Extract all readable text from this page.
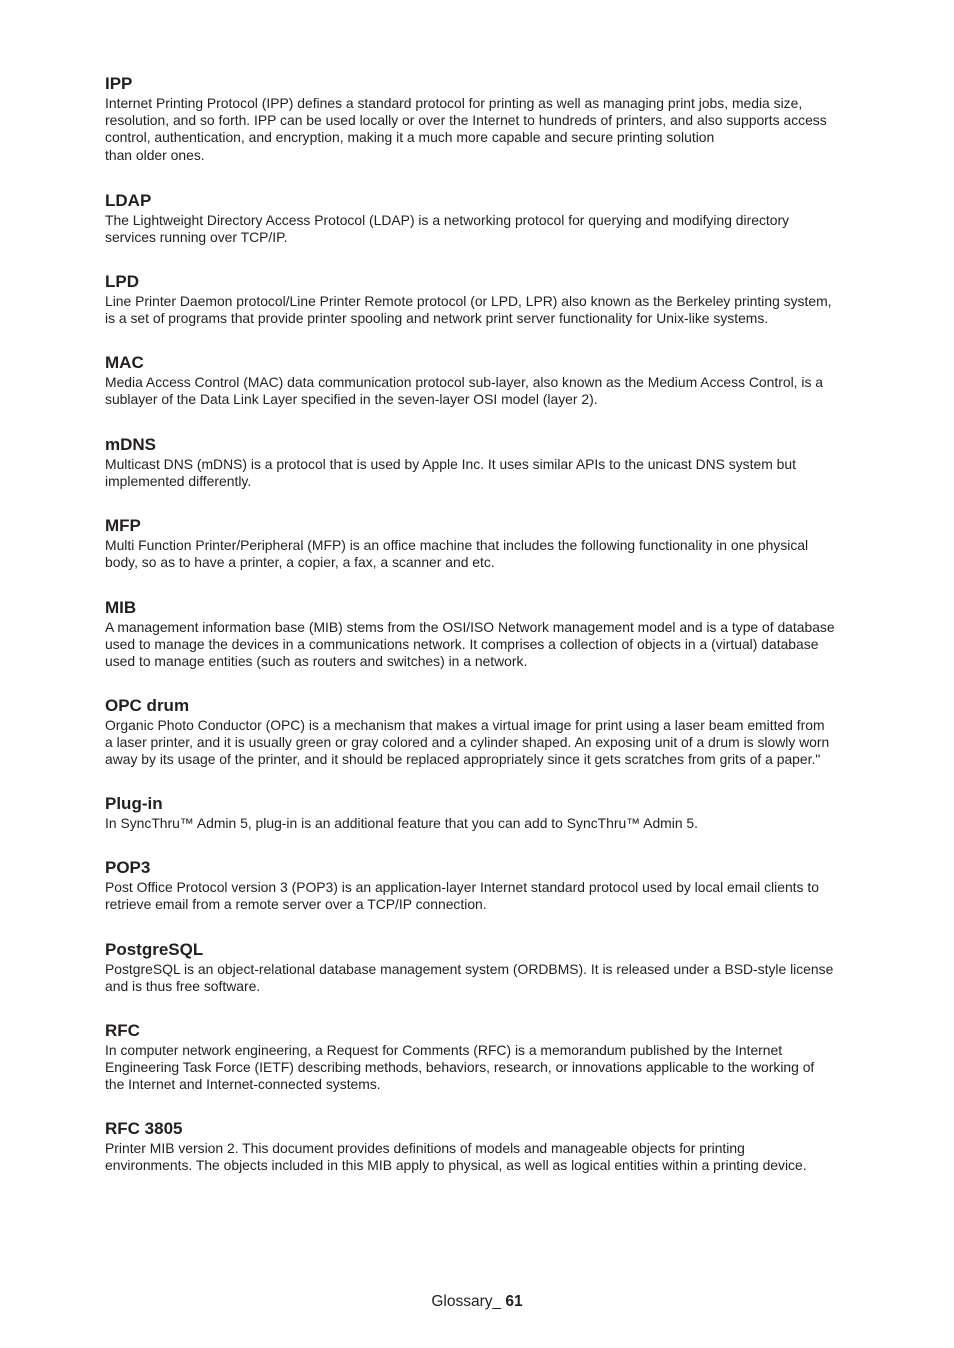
IPP

Internet Printing Protocol (IPP) defines a standard protocol for printing as well as managing print jobs, media size,
resolution, and so forth. IPP can be used locally or over the Internet to hundreds of printers, and also supports access
control, authentication, and encryption, making it a much more capable and secure printing solution
than older ones.

LDAP

The Lightweight Directory Access Protocol (LDAP) is a networking protocol for querying and modifying directory
services running over TCP/IP.

LPD

Line Printer Daemon protocol/Line Printer Remote protocol (or LPD, LPR) also known as the Berkeley printing system,
is a set of programs that provide printer spooling and network print server functionality for Unix-like systems.

MAC

Media Access Control (MAC) data communication protocol sub-layer, also known as the Medium Access Control, is a
sublayer of the Data Link Layer specified in the seven-layer OSI model (layer 2).

mDNS

Multicast DNS (mDNS) is a protocol that is used by Apple Inc. It uses similar APIs to the unicast DNS system but
implemented differently.

MFP

Multi Function Printer/Peripheral (MFP) is an office machine that includes the following functionality in one physical
body, so as to have a printer, a copier, a fax, a scanner and etc.

MIB

A management information base (MIB) stems from the OSI/ISO Network management model and is a type of database
used to manage the devices in a communications network. It comprises a collection of objects in a (virtual) database
used to manage entities (such as routers and switches) in a network.

OPC drum

Organic Photo Conductor (OPC) is a mechanism that makes a virtual image for print using a laser beam emitted from
a laser printer, and it is usually green or gray colored and a cylinder shaped. An exposing unit of a drum is slowly worn
away by its usage of the printer, and it should be replaced appropriately since it gets scratches from grits of a paper."

Plug-in

In SyncThru™ Admin 5, plug-in is an additional feature that you can add to SyncThru™ Admin 5.

POP3

Post Office Protocol version 3 (POP3) is an application-layer Internet standard protocol used by local email clients to
retrieve email from a remote server over a TCP/IP connection.

PostgreSQL

PostgreSQL is an object-relational database management system (ORDBMS). It is released under a BSD-style license
and is thus free software.

RFC

In computer network engineering, a Request for Comments (RFC) is a memorandum published by the Internet
Engineering Task Force (IETF) describing methods, behaviors, research, or innovations applicable to the working of
the Internet and Internet-connected systems.

RFC 3805

Printer MIB version 2. This document provides definitions of models and manageable objects for printing
environments. The objects included in this MIB apply to physical, as well as logical entities within a printing device.

Glossary_ 61
